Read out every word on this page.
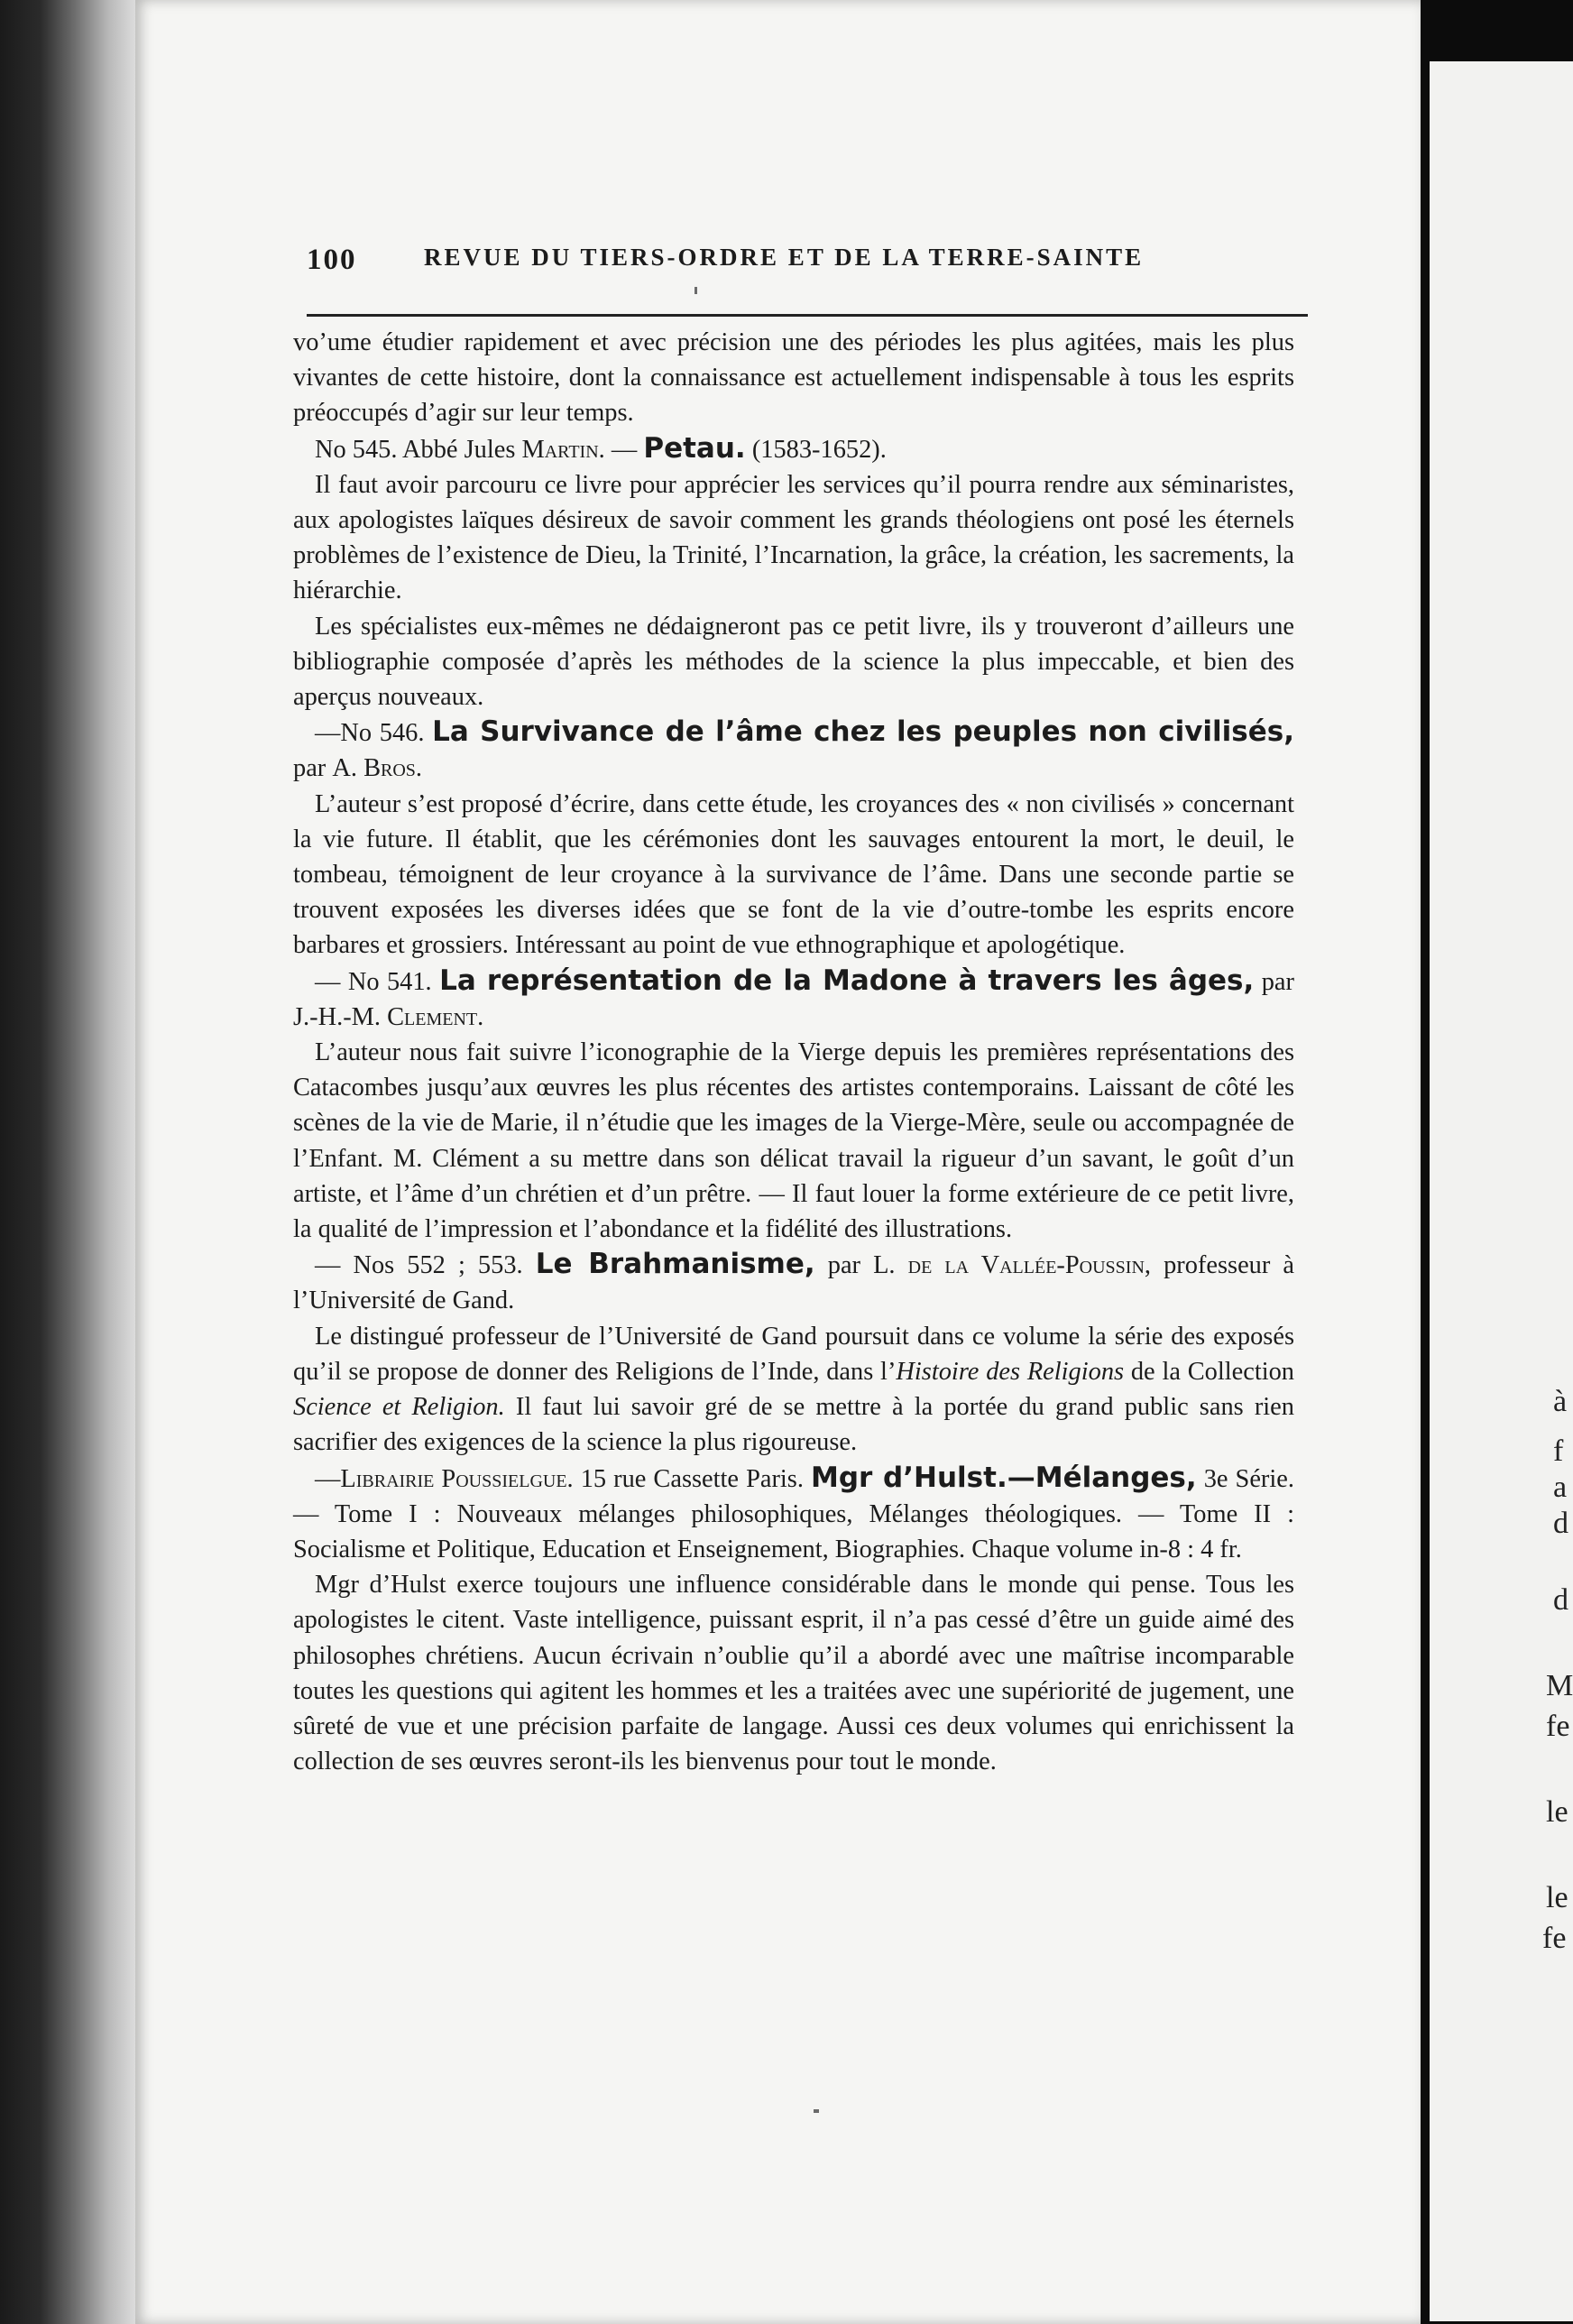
à
f
a
d
d
M
fe
le
le
fe
100	REVUE DU TIERS-ORDRE ET DE LA TERRE-SAINTE

vo’ume étudier rapidement et avec précision une des périodes les plus agitées, mais les plus vivantes de cette histoire, dont la connaissance est actuellement indispensable à tous les esprits préoccupés d’agir sur leur temps.

No 545. Abbé Jules Martin. — Petau. (1583-1652).

Il faut avoir parcouru ce livre pour apprécier les services qu’il pourra rendre aux séminaristes, aux apologistes laïques désireux de savoir comment les grands théologiens ont posé les éternels problèmes de l’existence de Dieu, la Trinité, l’Incarnation, la grâce, la création, les sacrements, la hiérarchie.

Les spécialistes eux-mêmes ne dédaigneront pas ce petit livre, ils y trouveront d’ailleurs une bibliographie composée d’après les méthodes de la science la plus impeccable, et bien des aperçus nouveaux.

—No 546. La Survivance de l’âme chez les peuples non civilisés, par A. Bros.

L’auteur s’est proposé d’écrire, dans cette étude, les croyances des « non civilisés » concernant la vie future. Il établit, que les cérémonies dont les sauvages entourent la mort, le deuil, le tombeau, témoignent de leur croyance à la survivance de l’âme. Dans une seconde partie se trouvent exposées les diverses idées que se font de la vie d’outre-tombe les esprits encore barbares et grossiers. Intéressant au point de vue ethnographique et apologétique.

— No 541. La représentation de la Madone à travers les âges, par J.-H.-M. Clement.

L’auteur nous fait suivre l’iconographie de la Vierge depuis les premières représentations des Catacombes jusqu’aux œuvres les plus récentes des artistes contemporains. Laissant de côté les scènes de la vie de Marie, il n’étudie que les images de la Vierge-Mère, seule ou accompagnée de l’Enfant. M. Clément a su mettre dans son délicat travail la rigueur d’un savant, le goût d’un artiste, et l’âme d’un chrétien et d’un prêtre. — Il faut louer la forme extérieure de ce petit livre, la qualité de l’impression et l’abondance et la fidélité des illustrations.

— Nos 552 ; 553. Le Brahmanisme, par L. de la Vallée-Poussin, professeur à l’Université de Gand.

Le distingué professeur de l’Université de Gand poursuit dans ce volume la série des exposés qu’il se propose de donner des Religions de l’Inde, dans l’Histoire des Religions de la Collection Science et Religion. Il faut lui savoir gré de se mettre à la portée du grand public sans rien sacrifier des exigences de la science la plus rigoureuse.

—Librairie Poussielgue. 15 rue Cassette Paris. Mgr d’Hulst.—Mélanges, 3e Série. — Tome I : Nouveaux mélanges philosophiques, Mélanges théologiques. — Tome II : Socialisme et Politique, Education et Enseignement, Biographies. Chaque volume in-8 : 4 fr.

Mgr d’Hulst exerce toujours une influence considérable dans le monde qui pense. Tous les apologistes le citent. Vaste intelligence, puissant esprit, il n’a pas cessé d’être un guide aimé des philosophes chrétiens. Aucun écrivain n’oublie qu’il a abordé avec une maîtrise incomparable toutes les questions qui agitent les hommes et les a traitées avec une supériorité de jugement, une sûreté de vue et une précision parfaite de langage. Aussi ces deux volumes qui enrichissent la collection de ses œuvres seront-ils les bienvenus pour tout le monde.
